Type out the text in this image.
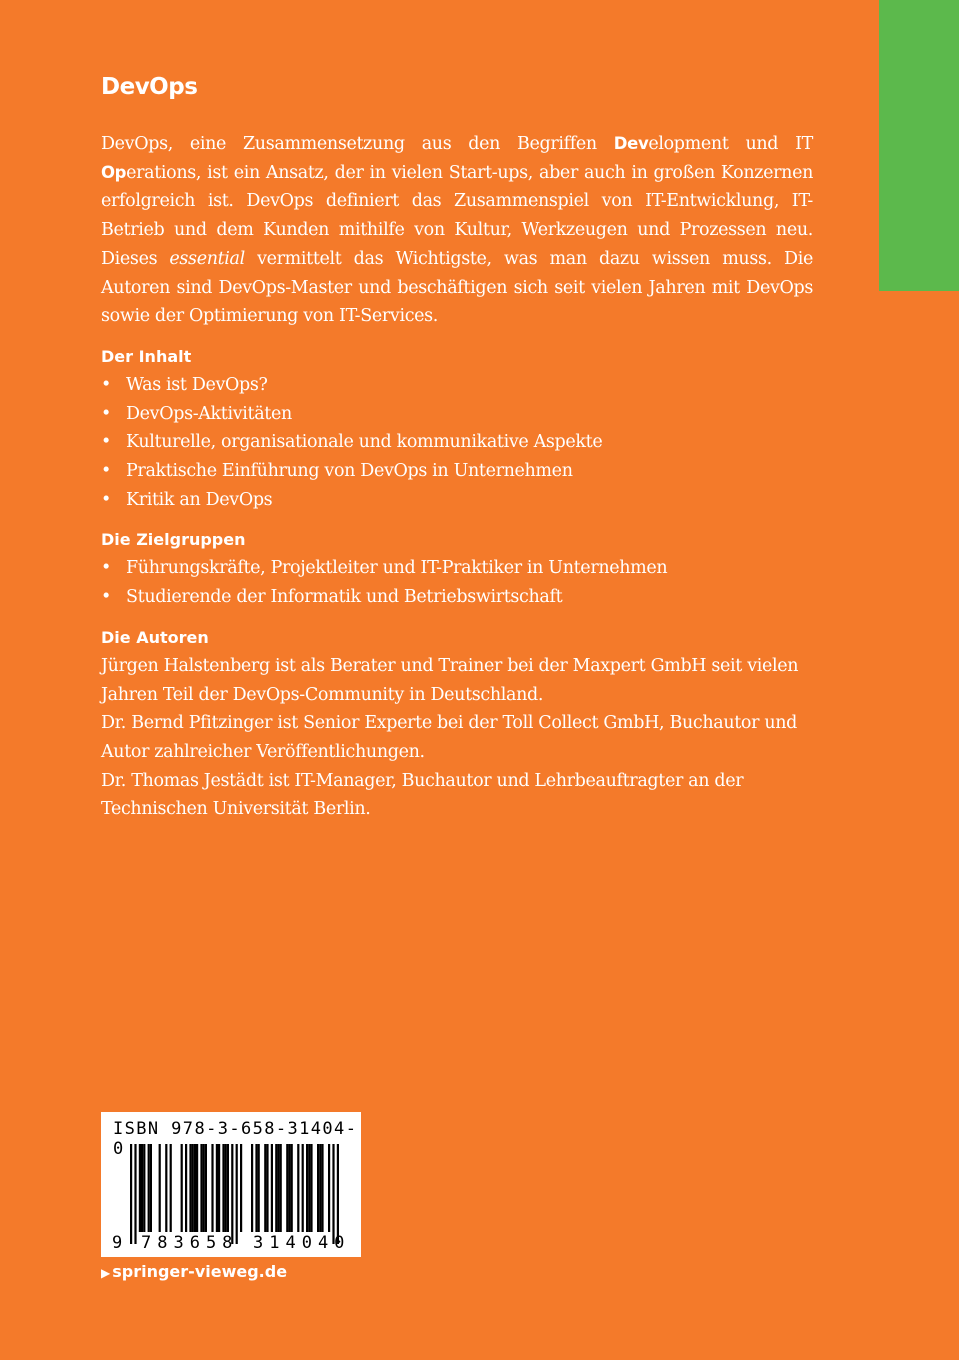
DevOps

DevOps, eine Zusammensetzung aus den Begriffen Development und IT Operations, ist ein Ansatz, der in vielen Start-ups, aber auch in großen Konzernen erfolgreich ist. DevOps definiert das Zusammenspiel von IT-Entwicklung, IT-Betrieb und dem Kunden mithilfe von Kultur, Werkzeugen und Prozessen neu. Dieses essential vermittelt das Wichtigste, was man dazu wissen muss. Die Autoren sind DevOps-Master und beschäftigen sich seit vielen Jahren mit DevOps sowie der Optimierung von IT-Services.

Der Inhalt
• Was ist DevOps?
• DevOps-Aktivitäten
• Kulturelle, organisationale und kommunikative Aspekte
• Praktische Einführung von DevOps in Unternehmen
• Kritik an DevOps
Die Zielgruppen
• Führungskräfte, Projektleiter und IT-Praktiker in Unternehmen
• Studierende der Informatik und Betriebswirtschaft
Die Autoren

Jürgen Halstenberg ist als Berater und Trainer bei der Maxpert GmbH seit vielen Jahren Teil der DevOps-Community in Deutschland.

Dr. Bernd Pfitzinger ist Senior Experte bei der Toll Collect GmbH, Buchautor und Autor zahlreicher Veröffentlichungen.

Dr. Thomas Jestädt ist IT-Manager, Buchautor und Lehrbeauftragter an der Technischen Universität Berlin.

ISBN 978-3-658-31404-0
9 783658 314040
▶ springer-vieweg.de
